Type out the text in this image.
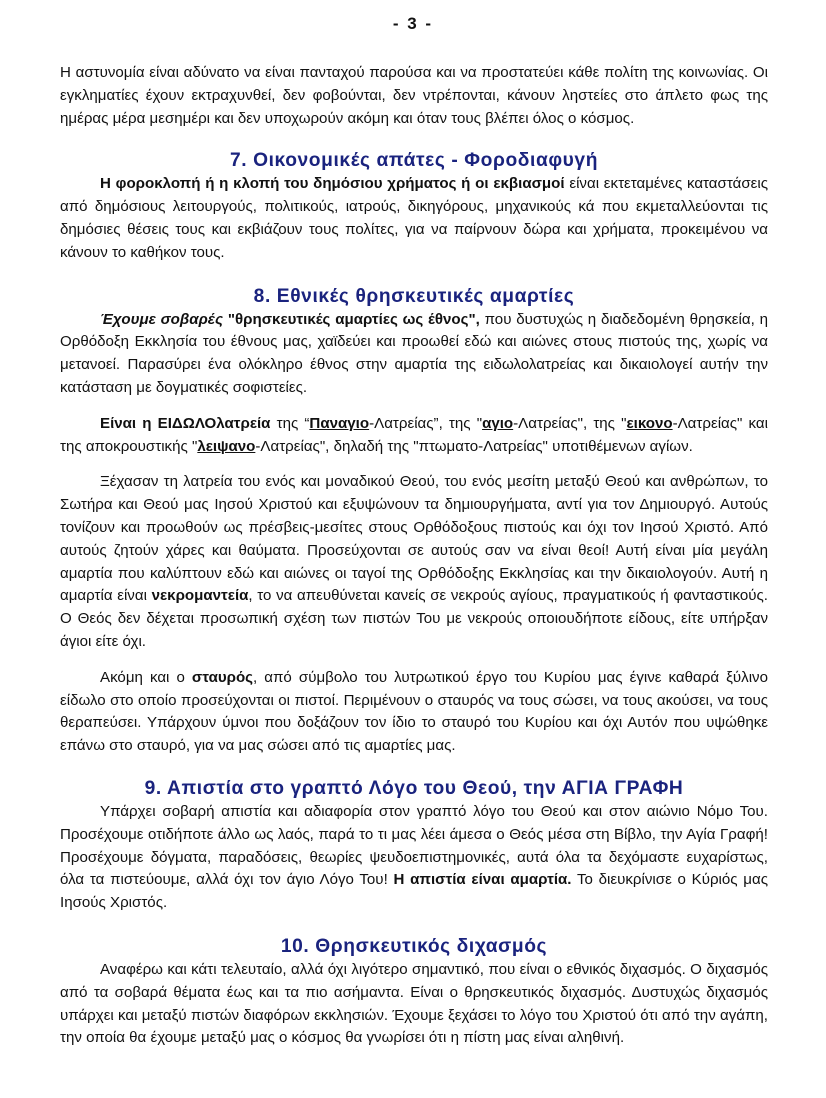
- 3 -

Η αστυνομία είναι αδύνατο να είναι πανταχού παρούσα και να προστατεύει κάθε πολίτη της κοινωνίας. Οι εγκληματίες έχουν εκτραχυνθεί, δεν φοβούνται, δεν ντρέπονται, κάνουν ληστείες στο άπλετο φως της ημέρας μέρα μεσημέρι και δεν υποχωρούν ακόμη και όταν τους βλέπει όλος ο κόσμος.

7. Οικονομικές απάτες - Φοροδιαφυγή

Η φοροκλοπή ή η κλοπή του δημόσιου χρήματος ή οι εκβιασμοί είναι εκτεταμένες καταστάσεις από δημόσιους λειτουργούς, πολιτικούς, ιατρούς, δικηγόρους, μηχανικούς κά που εκμεταλλεύονται τις δημόσιες θέσεις τους και εκβιάζουν τους πολίτες, για να παίρνουν δώρα και χρήματα, προκειμένου να κάνουν το καθήκον τους.

8. Εθνικές θρησκευτικές αμαρτίες

Έχουμε σοβαρές "θρησκευτικές αμαρτίες ως έθνος", που δυστυχώς η διαδεδομένη θρησκεία, η Ορθόδοξη Εκκλησία του έθνους μας, χαϊδεύει και προωθεί εδώ και αιώνες στους πιστούς της, χωρίς να μετανοεί. Παρασύρει ένα ολόκληρο έθνος στην αμαρτία της ειδωλολατρείας και δικαιολογεί αυτήν την κατάσταση με δογματικές σοφιστείες.

Είναι η ΕΙΔΩΛΟλατρεία της “Παναγιο-Λατρείας”, της "αγιο-Λατρείας", της "εικονο-Λατρείας" και της αποκρουστικής "λειψανο-Λατρείας", δηλαδή της "πτωματο-Λατρείας" υποτιθέμενων αγίων.

Ξέχασαν τη λατρεία του ενός και μοναδικού Θεού, του ενός μεσίτη μεταξύ Θεού και ανθρώπων, το Σωτήρα και Θεού μας Ιησού Χριστού και εξυψώνουν τα δημιουργήματα, αντί για τον Δημιουργό. Αυτούς τονίζουν και προωθούν ως πρέσβεις-μεσίτες στους Ορθόδοξους πιστούς και όχι τον Ιησού Χριστό. Από αυτούς ζητούν χάρες και θαύματα. Προσεύχονται σε αυτούς σαν να είναι θεοί! Αυτή είναι μία μεγάλη αμαρτία που καλύπτουν εδώ και αιώνες οι ταγοί της Ορθόδοξης Εκκλησίας και την δικαιολογούν. Αυτή η αμαρτία είναι νεκρομαντεία, το να απευθύνεται κανείς σε νεκρούς αγίους, πραγματικούς ή φανταστικούς. Ο Θεός δεν δέχεται προσωπική σχέση των πιστών Του με νεκρούς οποιουδήποτε είδους, είτε υπήρξαν άγιοι είτε όχι.

Ακόμη και ο σταυρός, από σύμβολο του λυτρωτικού έργο του Κυρίου μας έγινε καθαρά ξύλινο είδωλο στο οποίο προσεύχονται οι πιστοί. Περιμένουν ο σταυρός να τους σώσει, να τους ακούσει, να τους θεραπεύσει. Υπάρχουν ύμνοι που δοξάζουν τον ίδιο το σταυρό του Κυρίου και όχι Αυτόν που υψώθηκε επάνω στο σταυρό, για να μας σώσει από τις αμαρτίες μας.

9. Απιστία στο γραπτό Λόγο του Θεού, την ΑΓΙΑ ΓΡΑΦΗ

Υπάρχει σοβαρή απιστία και αδιαφορία στον γραπτό λόγο του Θεού και στον αιώνιο Νόμο Του. Προσέχουμε οτιδήποτε άλλο ως λαός, παρά το τι μας λέει άμεσα ο Θεός μέσα στη Βίβλο, την Αγία Γραφή! Προσέχουμε δόγματα, παραδόσεις, θεωρίες ψευδοεπιστημονικές, αυτά όλα τα δεχόμαστε ευχαρίστως, όλα τα πιστεύουμε, αλλά όχι τον άγιο Λόγο Του! Η απιστία είναι αμαρτία. Το διευκρίνισε ο Κύριός μας Ιησούς Χριστός.

10. Θρησκευτικός διχασμός

Αναφέρω και κάτι τελευταίο, αλλά όχι λιγότερο σημαντικό, που είναι ο εθνικός διχασμός. Ο διχασμός από τα σοβαρά θέματα έως και τα πιο ασήμαντα. Είναι ο θρησκευτικός διχασμός. Δυστυχώς διχασμός υπάρχει και μεταξύ πιστών διαφόρων εκκλησιών. Έχουμε ξεχάσει το λόγο του Χριστού ότι από την αγάπη, την οποία θα έχουμε μεταξύ μας ο κόσμος θα γνωρίσει ότι η πίστη μας είναι αληθινή.
